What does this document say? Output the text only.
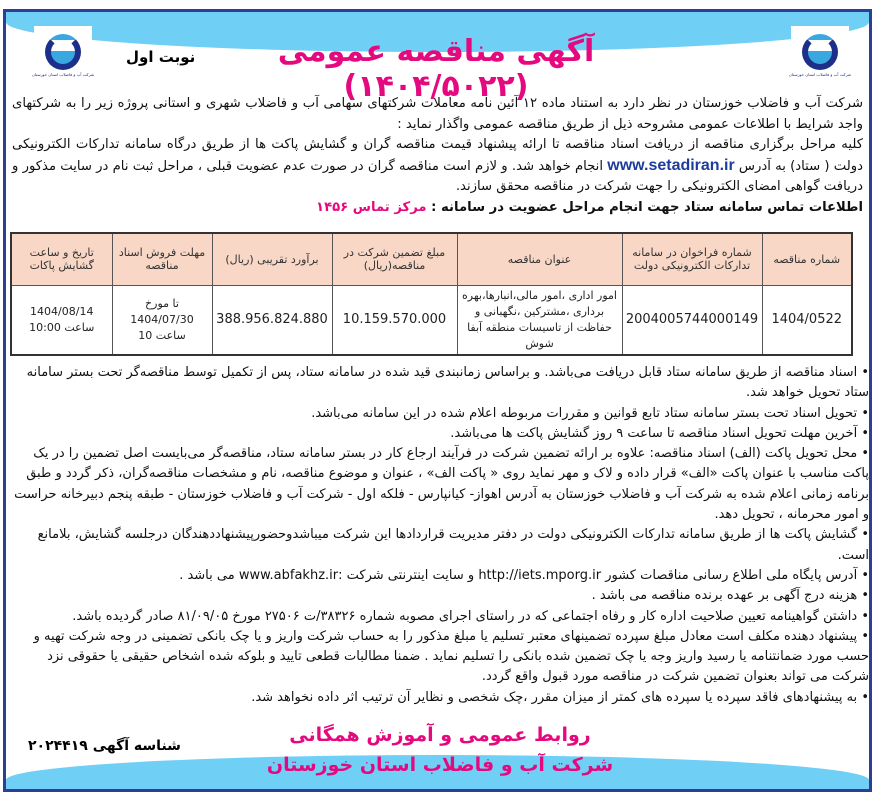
شرکت آب و فاضلاب استان خوزستان
شرکت آب و فاضلاب استان خوزستان
آگهی مناقصه عمومی (۱۴۰۴/۵۰۲۲)
نوبت اول

شرکت آب و فاضلاب خوزستان در نظر دارد به استناد ماده ۱۲ آئین نامه معاملات شرکتهای سهامی آب و فاضلاب شهری و استانی پروژه زیر را به شرکتهای واجد شرایط با اطلاعات عمومی مشروحه ذیل از طریق مناقصه عمومی واگذار نماید :

کلیه مراحل برگزاری مناقصه از دریافت اسناد مناقصه تا ارائه پیشنهاد قیمت مناقصه گران و گشایش پاکت ها از طریق درگاه سامانه تدارکات الکترونیکی دولت ( ستاد) به آدرس www.setadiran.ir انجام خواهد شد. و لازم است مناقصه گران در صورت عدم عضویت قبلی ، مراحل ثبت نام در سایت مذکور و دریافت گواهی امضای الکترونیکی را جهت شرکت در مناقصه محقق سازند.

اطلاعات تماس سامانه ستاد جهت انجام مراحل عضویت در سامانه : مرکز تماس ۱۴۵۶

شماره مناقصه	شماره فراخوان در سامانه تدارکات الکترونیکی دولت	عنوان مناقصه	مبلغ تضمین شرکت در مناقصه(ریال)	برآورد تقریبی (ریال)	مهلت فروش اسناد مناقصه	تاریخ و ساعت گشایش پاکات
1404/0522	2004005744000149	امور اداری ،امور مالی،انبارها،بهره برداری ،مشترکین ،نگهبانی و حفاظت از تاسیسات منطقه آبفا شوش	10.159.570.000	388.956.824.880	تا مورخ 1404/07/30 ساعت 10	1404/08/14 ساعت 10:00
• اسناد مناقصه از طریق سامانه ستاد قابل دریافت می‌باشد. و براساس زمانبندی قید شده در سامانه ستاد، پس از تکمیل توسط مناقصه‌گر تحت بستر سامانه ستاد تحویل خواهد شد.
• تحویل اسناد تحت بستر سامانه ستاد تابع قوانین و مقررات مربوطه اعلام شده در این سامانه می‌باشد.
• آخرین مهلت تحویل اسناد مناقصه تا ساعت ۹ روز گشایش پاکت ها می‌باشد.
• محل تحویل پاکت (الف) اسناد مناقصه: علاوه بر ارائه تضمین شرکت در فرآیند ارجاع کار در بستر سامانه ستاد، مناقصه‌گر می‌بایست اصل تضمین را در یک پاکت مناسب با عنوان پاکت «الف» قرار داده و لاک و مهر نماید روی « پاکت الف» ، عنوان و موضوع مناقصه، نام و مشخصات مناقصه‌گران، ذکر گردد و طبق برنامه زمانی اعلام شده به شرکت آب و فاضلاب خوزستان به آدرس اهواز- کیانپارس - فلکه اول - شرکت آب و فاضلاب خوزستان - طبقه پنجم دبیرخانه حراست و امور محرمانه ، تحویل دهد.
• گشایش پاکت ها از طریق سامانه تدارکات الکترونیکی دولت در دفتر مدیریت قراردادها این شرکت میباشدوحضورپیشنهاددهندگان درجلسه گشایش، بلامانع است.
• آدرس پایگاه ملی اطلاع رسانی مناقصات کشور http://iets.mporg.ir و سایت اینترنتی شرکت :www.abfakhz.ir می باشد .
• هزینه درج آگهی بر عهده برنده مناقصه می باشد .
• داشتن گواهینامه تعیین صلاحیت اداره کار و رفاه اجتماعی که در راستای اجرای مصوبه شماره ۳۸۳۲۶/ت ۲۷۵۰۶ مورخ ۸۱/۰۹/۰۵ صادر گردیده باشد.
• پیشنهاد دهنده مکلف است معادل مبلغ سپرده تضمینهای معتبر تسلیم یا مبلغ مذکور را به حساب شرکت واریز و یا چک بانکی تضمینی در وجه شرکت تهیه و حسب مورد ضمانتنامه یا رسید واریز وجه یا چک تضمین شده بانکی را تسلیم نماید . ضمنا مطالبات قطعی تایید و بلوکه شده اشخاص حقیقی یا حقوقی نزد شرکت می تواند بعنوان تضمین شرکت در مناقصه مورد قبول واقع گردد.
• به پیشنهادهای فاقد سپرده یا سپرده های کمتر از میزان مقرر ،چک شخصی و نظایر آن ترتیب اثر داده نخواهد شد.
روابط عمومی و آموزش همگانی
شرکت آب و فاضلاب استان خوزستان
شناسه آگهی ۲۰۲۴۴۱۹
